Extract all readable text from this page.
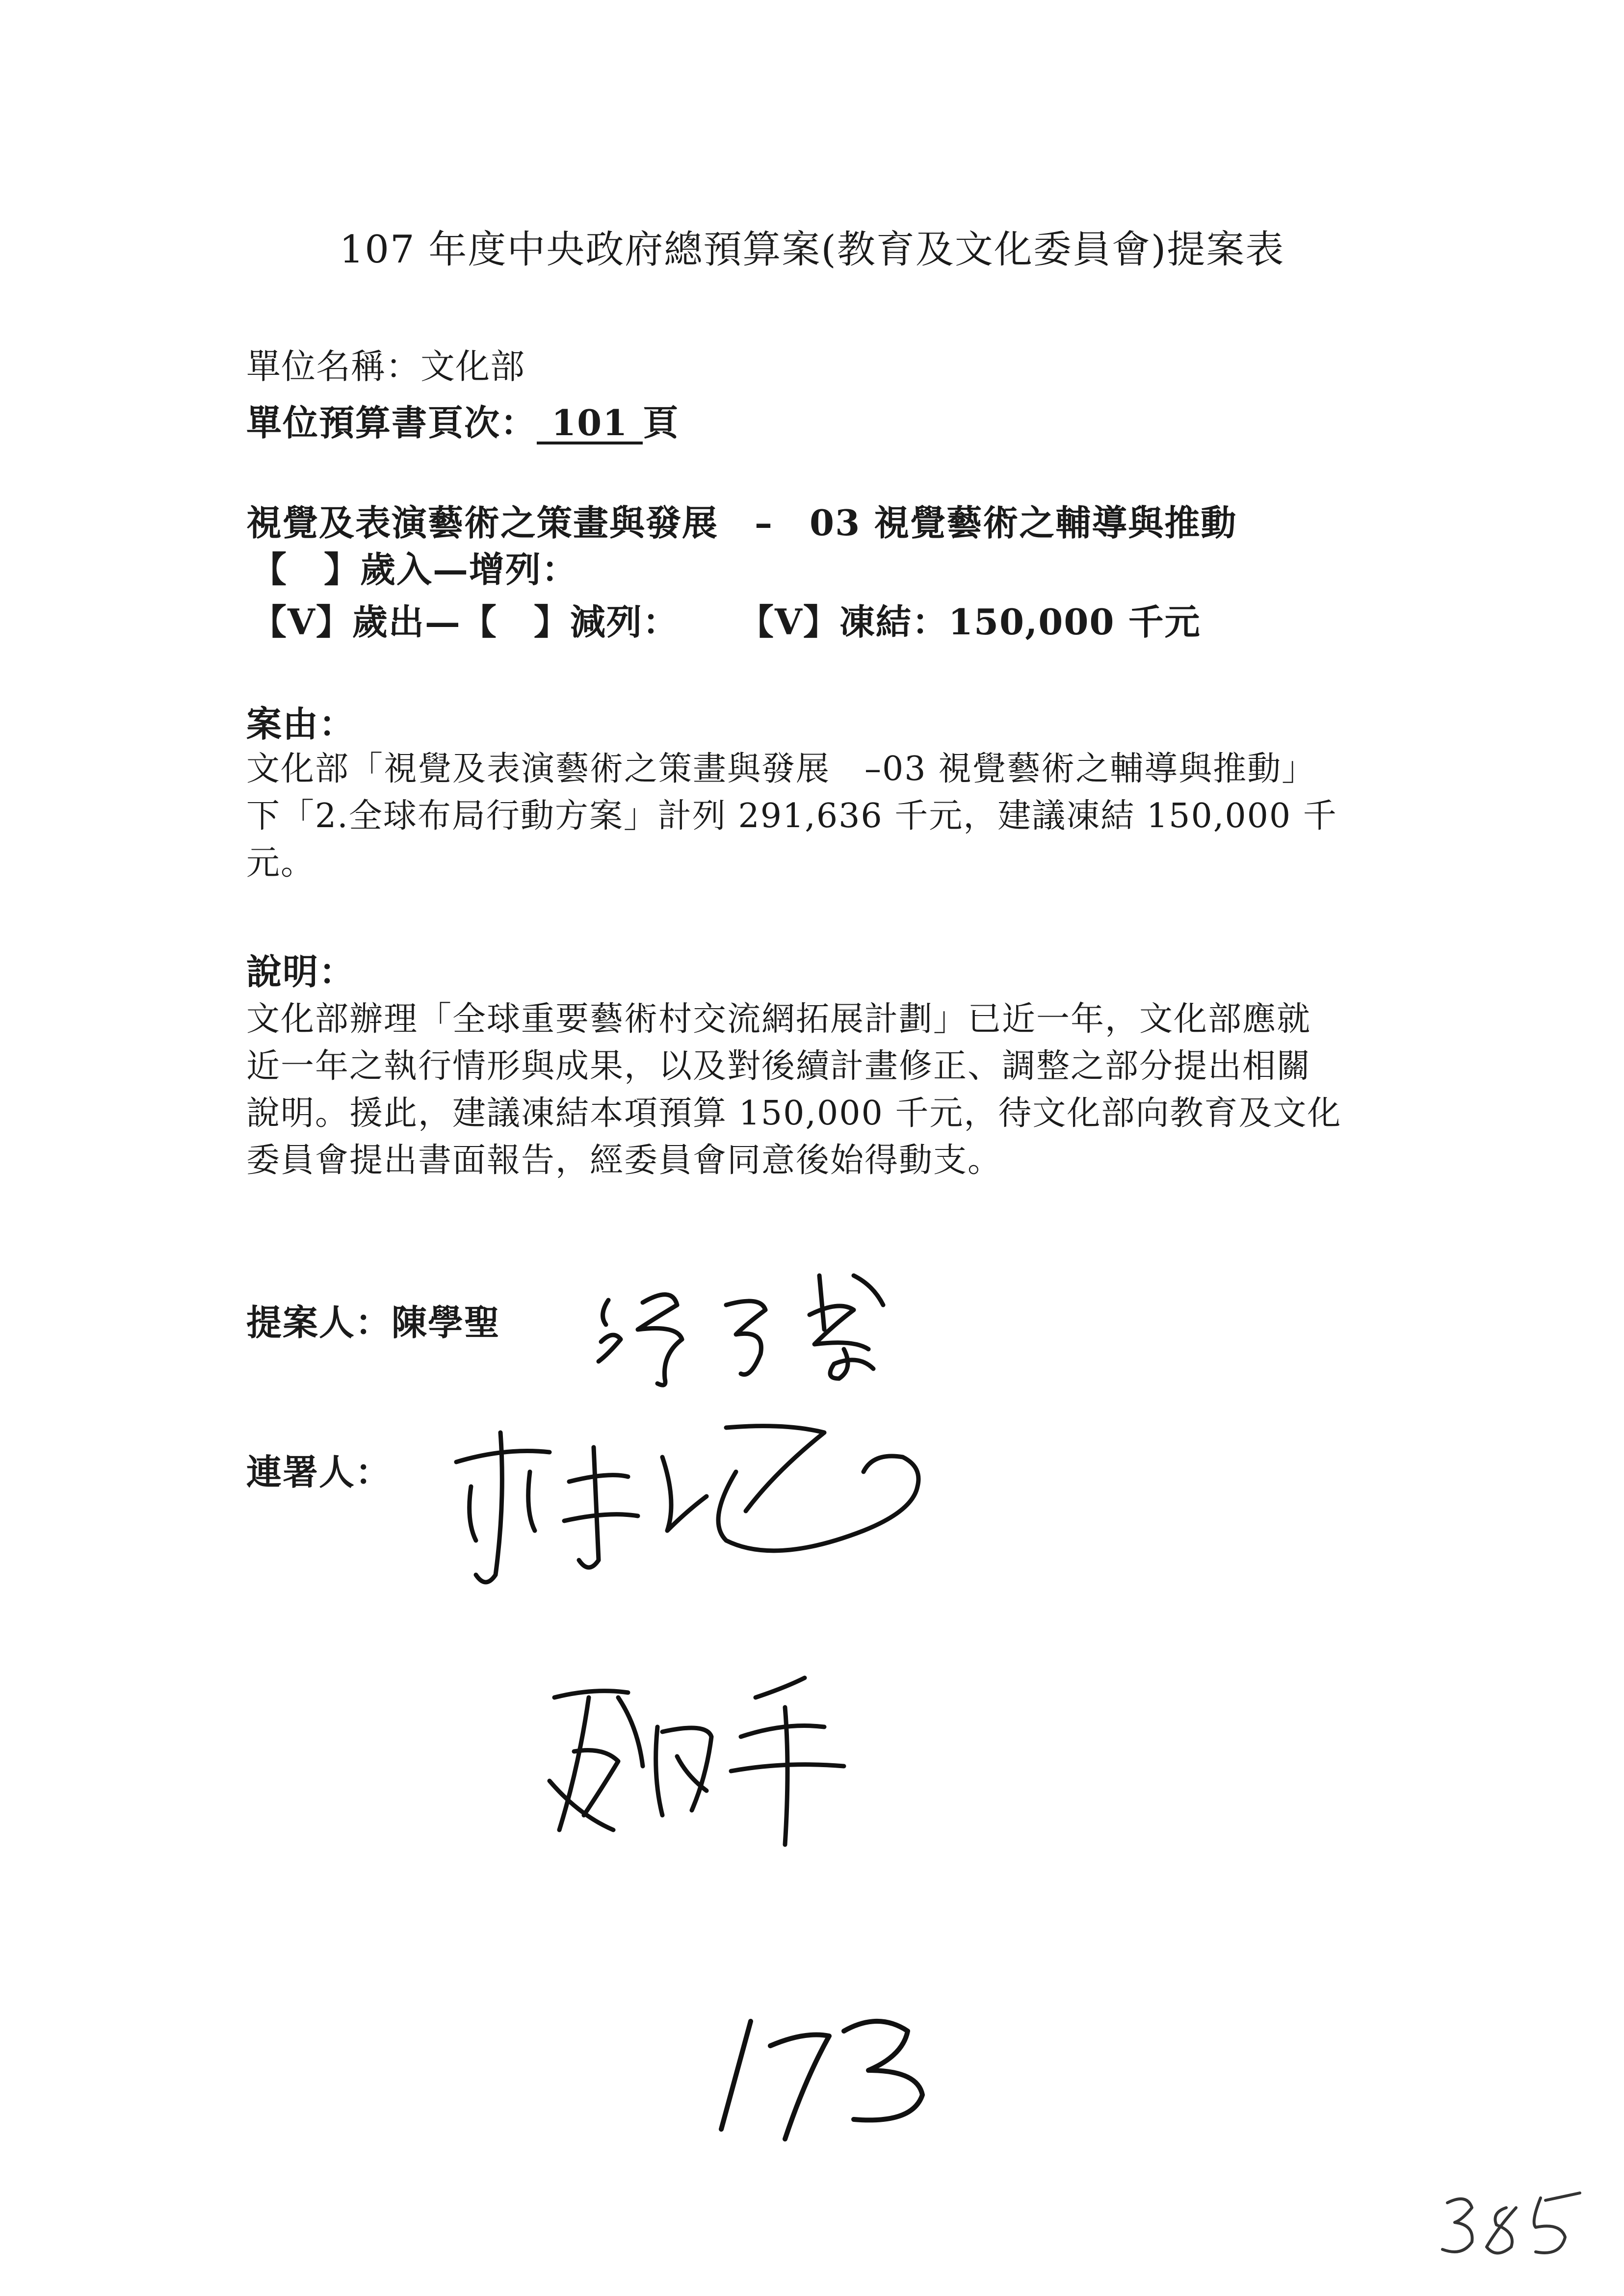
107 年度中央政府總預算案(教育及文化委員會)提案表
單位名稱：文化部
單位預算書頁次： 101 頁
視覺及表演藝術之策畫與發展　–　03 視覺藝術之輔導與推動
【　】歲入—增列：
【V】歲出—【　】減列： 【V】凍結：150,000 千元
案由：
文化部「視覺及表演藝術之策畫與發展　–03 視覺藝術之輔導與推動」
下「2.全球布局行動方案」計列 291,636 千元，建議凍結 150,000 千
元。
說明：
文化部辦理「全球重要藝術村交流網拓展計劃」已近一年，文化部應就
近一年之執行情形與成果，以及對後續計畫修正、調整之部分提出相關
說明。援此，建議凍結本項預算 150,000 千元，待文化部向教育及文化
委員會提出書面報告，經委員會同意後始得動支。
提案人：陳學聖
連署人：
173
385
